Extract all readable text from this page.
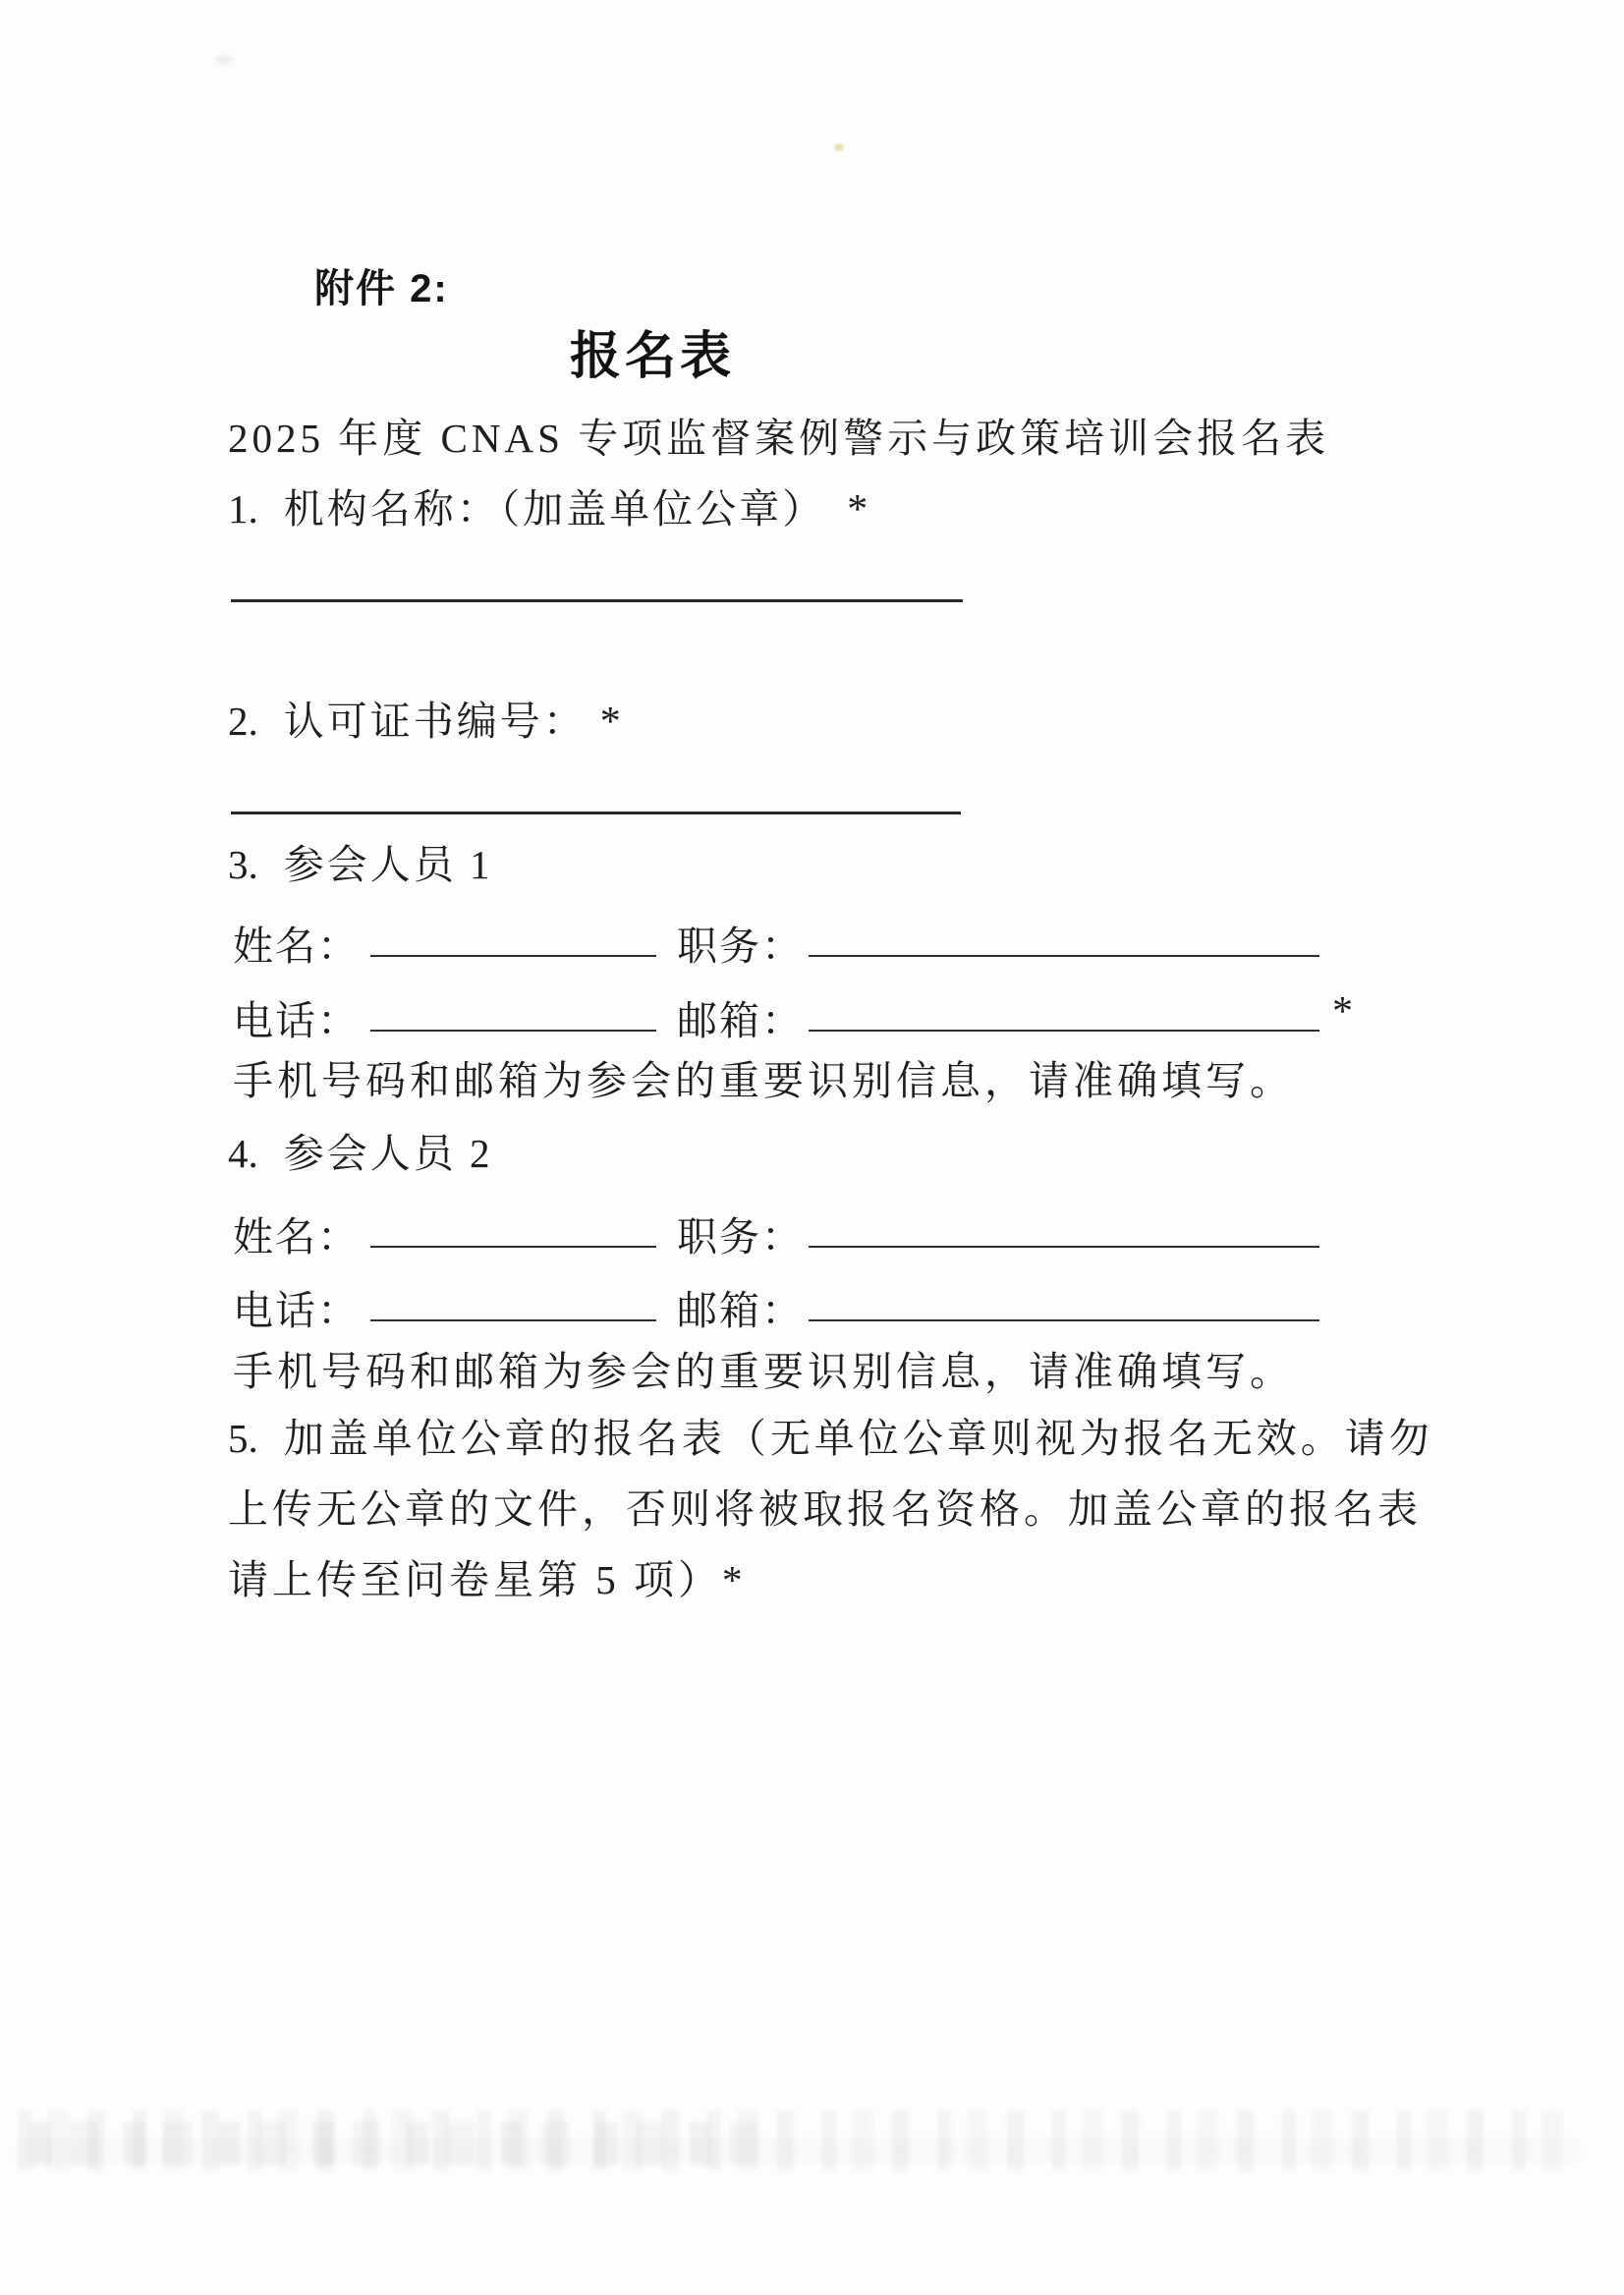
附件 2:
报名表
2025 年度 CNAS 专项监督案例警示与政策培训会报名表
1. 机构名称：（加盖单位公章） *
2. 认可证书编号： *
3. 参会人员 1
姓名：	职务：
电话：	邮箱：	*
手机号码和邮箱为参会的重要识别信息，请准确填写。
4. 参会人员 2
姓名：	职务：
电话：	邮箱：
手机号码和邮箱为参会的重要识别信息，请准确填写。
5. 加盖单位公章的报名表（无单位公章则视为报名无效。请勿
上传无公章的文件，否则将被取报名资格。加盖公章的报名表
请上传至问卷星第 5 项）*
